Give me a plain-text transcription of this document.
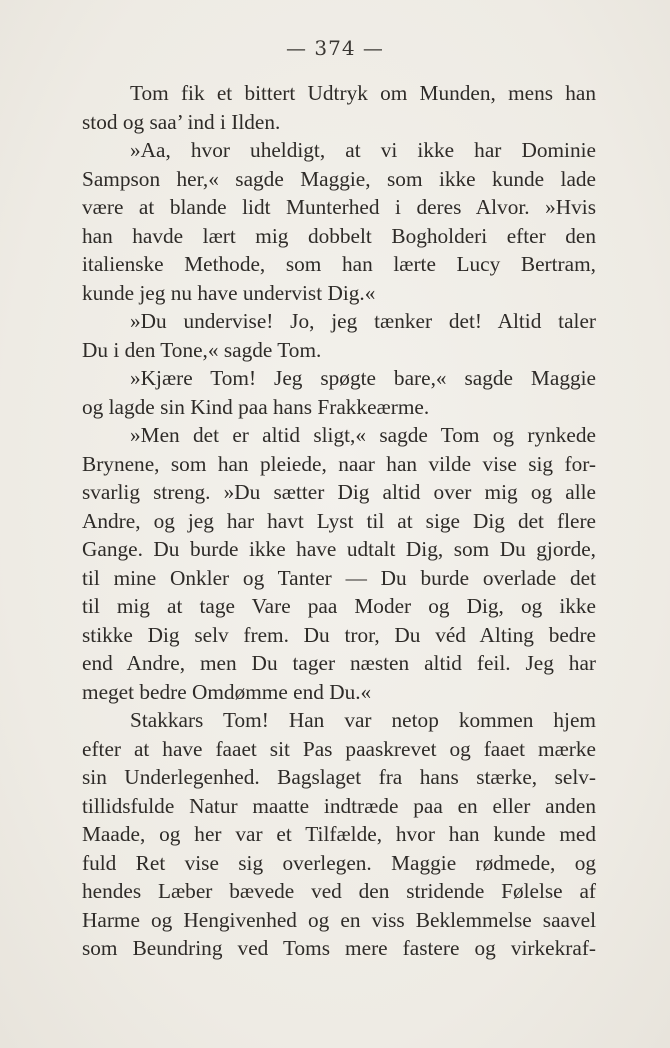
— 374 —
Tom fik et bittert Udtryk om Munden, mens han
stod og saa’ ind i Ilden.
»Aa, hvor uheldigt, at vi ikke har Dominie
Sampson her,« sagde Maggie, som ikke kunde lade
være at blande lidt Munterhed i deres Alvor. »Hvis
han havde lært mig dobbelt Bogholderi efter den
italienske Methode, som han lærte Lucy Bertram,
kunde jeg nu have undervist Dig.«
»Du undervise! Jo, jeg tænker det! Altid taler
Du i den Tone,« sagde Tom.
»Kjære Tom! Jeg spøgte bare,« sagde Maggie
og lagde sin Kind paa hans Frakkeærme.
»Men det er altid sligt,« sagde Tom og rynkede
Brynene, som han pleiede, naar han vilde vise sig for-
svarlig streng. »Du sætter Dig altid over mig og alle
Andre, og jeg har havt Lyst til at sige Dig det flere
Gange. Du burde ikke have udtalt Dig, som Du gjorde,
til mine Onkler og Tanter — Du burde overlade det
til mig at tage Vare paa Moder og Dig, og ikke
stikke Dig selv frem. Du tror, Du véd Alting bedre
end Andre, men Du tager næsten altid feil. Jeg har
meget bedre Omdømme end Du.«
Stakkars Tom! Han var netop kommen hjem
efter at have faaet sit Pas paaskrevet og faaet mærke
sin Underlegenhed. Bagslaget fra hans stærke, selv-
tillidsfulde Natur maatte indtræde paa en eller anden
Maade, og her var et Tilfælde, hvor han kunde med
fuld Ret vise sig overlegen. Maggie rødmede, og
hendes Læber bævede ved den stridende Følelse af
Harme og Hengivenhed og en viss Beklemmelse saavel
som Beundring ved Toms mere fastere og virkekraf-
